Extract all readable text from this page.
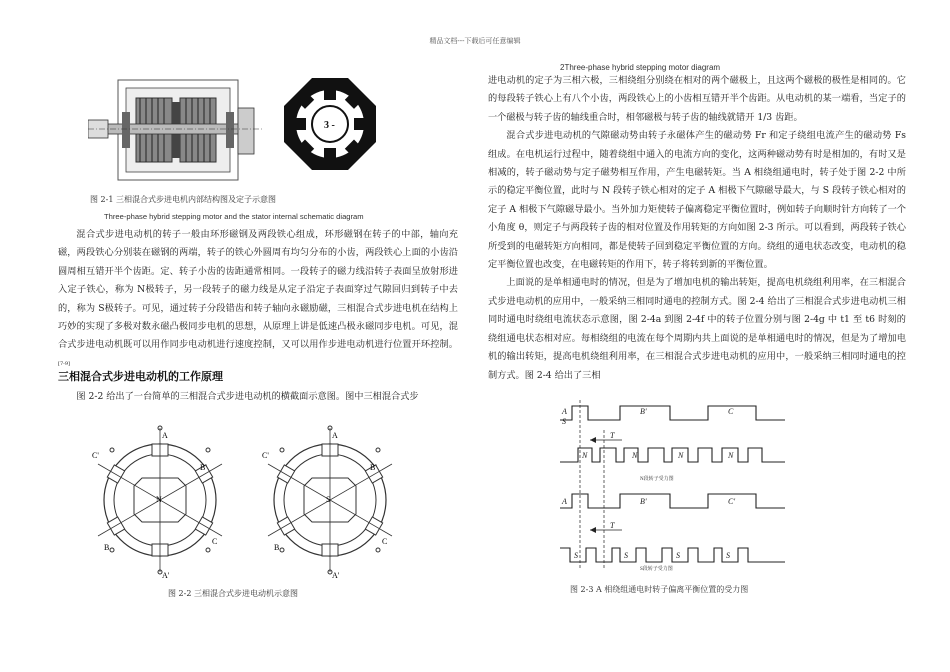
精品文档---下载后可任意编辑
3 -
2Three-phase hybrid stepping motor diagram
图 2-1 三相混合式步进电机内部结构图及定子示意图
Three-phase hybrid stepping motor and the stator internal schematic diagram

混合式步进电动机的转子一般由环形磁钢及两段铁心组成，环形磁钢在转子的中部，轴向充磁，两段铁心分别装在磁钢的两端，转子的铁心外圆周有均匀分布的小齿，两段铁心上面的小齿沿圆周相互错开半个齿距。定、转子小齿的齿距通常相同。一段转子的磁力线沿转子表面呈放射形进入定子铁心，称为 N极转子，另一段转子的磁力线是从定子沿定子表面穿过气隙回归到转子中去的，称为 S极转子。可见，通过转子分段错齿和转子轴向永磁励磁，三相混合式步进电机在结构上巧妙的实现了多极对数永磁凸极同步电机的思想，从原理上讲是低速凸极永磁同步电机。可见，混合式步进电动机既可以用作同步电动机进行速度控制，又可以用作步进电动机进行位置开环控制。[7-9]

三相混合式步进电动机的工作原理

图 2-2 给出了一台简单的三相混合式步进电动机的横截面示意图。图中三相混合式步

A
B'
C'
B
C
A'
N
A
B'
C'
B
C
A'
S
图 2-2 三相混合式步进电动机示意图

进电动机的定子为三相六极，三相绕组分别绕在相对的两个磁极上，且这两个磁极的极性是相同的。它的每段转子铁心上有八个小齿，两段铁心上的小齿相互错开半个齿距。从电动机的某一端看，当定子的一个磁极与转子齿的轴线重合时，相邻磁极与转子齿的轴线就错开 1/3 齿距。

混合式步进电动机的气隙磁动势由转子永磁体产生的磁动势 Fr 和定子绕组电流产生的磁动势 Fs 组成。在电机运行过程中，随着绕组中通入的电流方向的变化，这两种磁动势有时是相加的，有时又是相减的，转子磁动势与定子磁势相互作用，产生电磁转矩。当 A 相绕组通电时，转子处于图 2-2 中所示的稳定平衡位置，此时与 N 段转子铁心相对的定子 A 相极下气隙磁导最大，与 S 段转子铁心相对的定子 A 相极下气隙磁导最小。当外加力矩使转子偏离稳定平衡位置时，例如转子向顺时针方向转了一个小角度 θ，则定子与两段转子齿的相对位置及作用转矩的方向如图 2-3 所示。可以看到，两段转子铁心所受到的电磁转矩方向相同，都是使转子回到稳定平衡位置的方向。绕组的通电状态改变，电动机的稳定平衡位置也改变，在电磁转矩的作用下，转子将转到新的平衡位置。

上面说的是单相通电时的情况，但是为了增加电机的输出转矩，提高电机绕组利用率，在三相混合式步进电动机的应用中，一般采纳三相同时通电的控制方式。图 2-4 给出了三相混合式步进电动机三相同时通电时绕组电流状态示意图，图 2-4a 到图 2-4f 中的转子位置分别与图 2-4g 中 t1 至 t6 时刻的绕组通电状态相对应。每相绕组的电流在每个周期内共上面说的是单相通电时的情况，但是为了增加电机的输出转矩，提高电机绕组利用率，在三相混合式步进电动机的应用中，一般采纳三相同时通电的控制方式。图 2-4 给出了三相

A	B'	C
S
T
N	N	N	N
A	B'	C'
T
S	S	S	S
N段转子受力图
S段转子受力图
图 2-3 A 相绕组通电时转子偏离平衡位置的受力图
